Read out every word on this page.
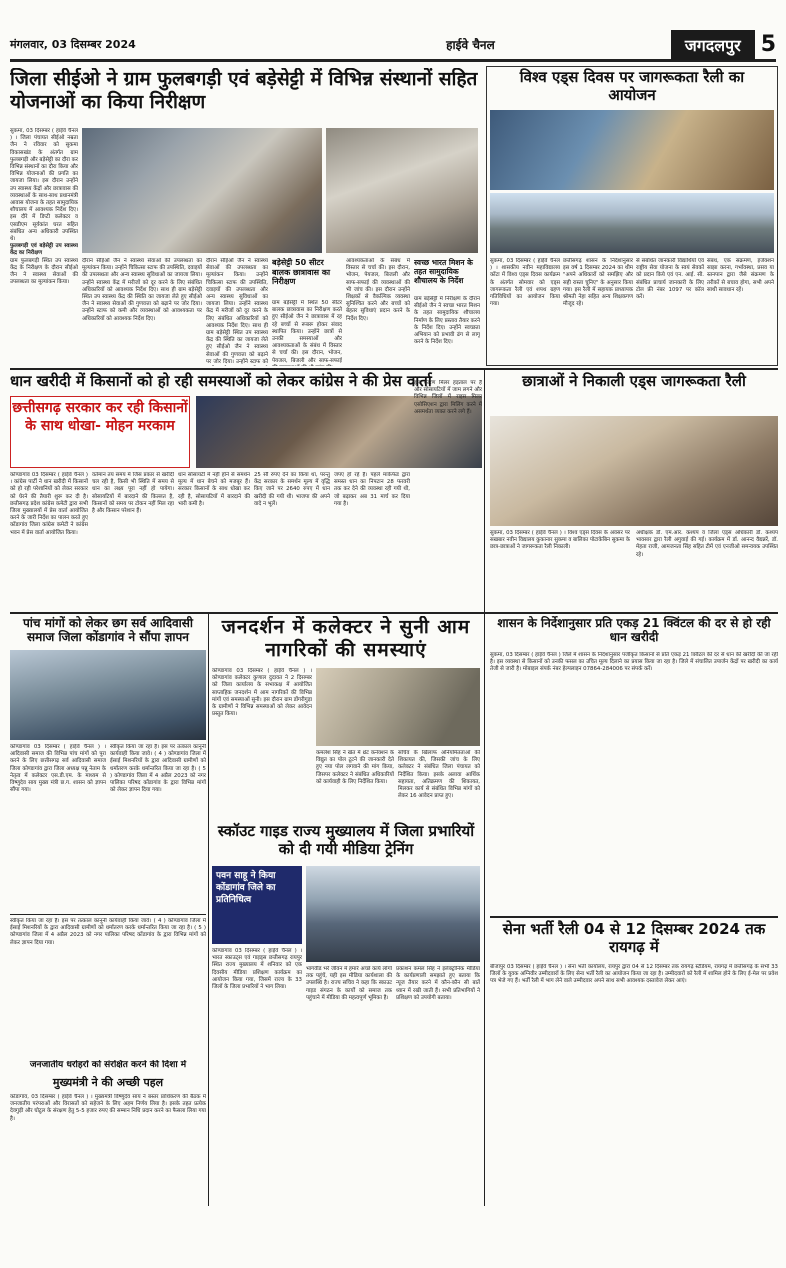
मंगलवार, 03 दिसम्बर 2024	हाईवे चैनल	जगदलपुर 5
जिला सीईओ ने ग्राम फुलबगड़ी एवं बड़ेसेट्टी में विभिन्न संस्थानों सहित योजनाओं का किया निरीक्षण
सुकमा, 03 दिसम्बर ( हाईवे चैनल ) । जिला पंचायत सीईओ नम्रता जैन ने रविवार को सुकमा विकासखंड के अंतर्गत ग्राम फुलबगड़ी और बड़ेसेट्टी का दौरा कर विभिन्न संस्थानों का दौरा किया और विभिन्न योजनाओं की प्रगति का जायजा लिया। इस दौरान उन्होंने उप स्वास्थ्य केंद्रों और छात्रावास की व्यवस्थाओं के साथ-साथ प्रधानमंत्री आवास योजना के तहत सामुदायिक शौचालय में आवश्यक निर्देश दिए। इस दौरे में डिप्टी कलेक्टर व एसडीएम सूर्यकांत घरत सहित संबंधित अन्य अधिकारी उपस्थित थे।
फुलबगड़ी एवं बड़ेसेट्टी उप स्वास्थ्य केंद्र का निरीक्षण
ग्राम फुलबगड़ी स्थित उप स्वास्थ्य केंद्र के निरीक्षण के दौरान सीईओ जैन ने स्वास्थ्य सेवाओं की उपलब्धता का मूल्यांकन किया।
दौरान सीईओ जैन ने स्वास्थ्य सेवाओं की उपलब्धता का मूल्यांकन किया। उन्होंने चिकित्सा स्टाफ की उपस्थिति, दवाइयों की उपलब्धता और अन्य स्वास्थ्य सुविधाओं का जायजा लिया। उन्होंने स्वास्थ्य केंद्र में मरीजों को दूर करने के लिए संबंधित अधिकारियों को आवश्यक निर्देश दिए। साथ ही ग्राम बड़ेसेट्टी स्थित उप स्वास्थ्य केंद्र की स्थिति का जायजा लेते हुए सीईओ जैन ने स्वास्थ्य सेवाओं की गुणवत्ता को बढ़ाने पर जोर दिया। उन्होंने स्टाफ को कमी और व्यवस्थाओं को आवश्यकता पर अधिकारियों को आवश्यक निर्देश दिए।
दौरान सीईओ जैन ने स्वास्थ्य सेवाओं की उपलब्धता का मूल्यांकन किया। उन्होंने चिकित्सा स्टाफ की उपस्थिति, दवाइयों की उपलब्धता और अन्य स्वास्थ्य सुविधाओं का जायजा लिया। उन्होंने स्वास्थ्य केंद्र में मरीजों को दूर करने के लिए संबंधित अधिकारियों को आवश्यक निर्देश दिए। साथ ही ग्राम बड़ेसेट्टी स्थित उप स्वास्थ्य केंद्र की स्थिति का जायजा लेते हुए सीईओ जैन ने स्वास्थ्य सेवाओं की गुणवत्ता को बढ़ाने पर जोर दिया। उन्होंने स्टाफ को
बड़ेसेट्टी 50 सीटर बालक छात्रावास का निरीक्षण
ग्राम बड़ेसेट्टी में स्थित 50 सीटर बालक छात्रावास का निरीक्षण करते हुए सीईओ जैन ने छात्रावास में रह रहे बच्चों से रूबरू होकर संवाद स्थापित किया। उन्होंने छात्रों से उनकी समस्याओं और आवश्यकताओं के संबंध में विस्तार से चर्चा की। इस दौरान, भोजन, पेयजल, बिजली और साफ-सफाई
आवश्यकताओं के संबंध में विस्तार से चर्चा की। इस दौरान, भोजन, पेयजल, बिजली और साफ-सफाई की व्यवस्थाओं की भी जांच की। इस दौरान उन्होंने शिक्षकों से वैकल्पिक व्यवस्था सुनिश्चित करने और बच्चों को बेहतर सुविधाएं प्रदान करने के निर्देश दिए।
स्वच्छ भारत मिशन के तहत सामुदायिक शौचालय के निर्देश
ग्राम बड़ेसेट्टी में निरीक्षण के दौरान सीईओ जैन ने स्वच्छ भारत मिशन के तहत सामुदायिक शौचालय निर्माण के लिए प्रस्ताव तैयार करने के निर्देश दिए। उन्होंने स्वच्छता अभियान को प्रभावी ढंग से लागू करने के निर्देश दिए।
विश्व एड्स दिवस पर जागरूकता रैली का आयोजन
सुकमा, 03 दिसम्बर ( हाईवे चैनल ) । शासकीय नवीन महाविद्यालय कोंटा में विश्व एड्स दिवस कार्यक्रम के अंतर्गत सोमवार को एड्स जागरूकता रैली एवं शपथ ग्रहण गतिविधियों का आयोजन किया गया।
छत्तीसगढ़ शासन के निर्देशानुसार इस वर्ष 1 दिसम्बर 2024 का थीम "अपने अधिकारों को समझिए और सही रास्ता चुनिए" के अनुसार किया गया। इस रैली में सहायक प्राध्यापक श्रीमती नेहा सहित अन्य शिक्षकगण मौजूद रहे।
से संबंधित जानकारी विद्यार्थियों एवं राष्ट्रीय सेवा योजना के स्वयं सेवकों को प्रदान किये एवं एन. आई. सी. संबंधित प्राचार्य जानकारी के लिए टोल फ्री नंबर 1097 पर कॉल करें।
संबंध, एक संक्रमण, इंजेक्शन साझा करना, गर्भावस्था, प्रसव या स्तनपान द्वारा जैसे संक्रमण के तरीकों से बचाव होगा, सभी अपने साथी सावधान रहें।
धान खरीदी में किसानों को हो रही समस्याओं को लेकर कांग्रेस ने की प्रेस वार्ता
छत्तीसगढ़ सरकार कर रही किसानों के साथ धोखा- मोहन मरकाम
कोण्डागांव 03 दिसम्बर ( हाईवे चैनल ) । कांग्रेस पार्टी ने धान खरीदी में किसानों को हो रही परेशानियों को लेकर सरकार को घेरने की तैयारी शुरू कर दी है। छत्तीसगढ़ प्रदेश कांग्रेस कमेटी द्वारा सभी जिला मुख्यालयों में प्रेस वार्ता आयोजित करने के जारी निर्देश का पालन करते हुए कोंडागांव जिला कांग्रेस कमेटी ने कांग्रेस भवन में प्रेस वार्ता आयोजित किया।
वर्तमान तय समय में जिस प्रकार से खरीदी चल रही है, किसी भी स्थिति में समय से धान का लक्ष्य पूरा नहीं हो पायेगा। सोसायटियों में बारदाने की किल्लत है, किसानों को समय पर टोकन नहीं मिल रहा है और किसान परेशान हैं।
धान सोसायटी में नहीं होने से समर्थन मूल्य में धान बेचने को मजबूर हैं। सरकार किसानों के साथ धोखा कर रही है, सोसायटियों में बारदाने की भारी कमी है।
25 सौ रुपए देने का किया था, परन्तु केंद्र सरकार के समर्थन मूल्य में वृद्धि किए जाने पर 2640 रुपए में धान खरीदी की गयी थी। भाजपा की अपने वादे न भूलें।
जपए हो रहे है। पहले मार्कफेड द्वारा समस्त धान का निपटान 28 फरवरी तक कर देने की व्यवस्था रही गयी थी, जो बढ़ाकर अब 31 मार्च कर दिया गया है।
इस कारण मिलर हड़ताल पर हैं और सोसायटियों में जाम लगने और विभिन्न जिलों में राइस मिलर एसोसिएशन द्वारा मिलिंग करने में असमर्थता व्यक्त करने लगे हैं।
छात्राओं ने निकाली एड्स जागरूकता रैली
सुकमा, 03 दिसम्बर ( हाईवे चैनल ) । विश्व एड्स दिवस के अवसर पर सखबार नवीन विद्यालय कुकानार सुकमा व बालिका पोटाकेबिन सुकमा के छात्र-छात्राओं ने जागरूकता रैली निकाली।
अधीक्षक डॉ. एम.आर. कश्यप व जिला एड्स अधिकारी डॉ. कश्यप भावसार द्वारा रैली अगुवाई की गई। कार्यक्रम में डॉ. आनन्द वैद्यन्नरें, डॉ. मेहता राजी, आमजनता सिंह सहित टीमें एवं एनजीओ समन्वयक उपस्थित रहे।
पांच मांगों को लेकर छग सर्व आदिवासी समाज जिला कोंडागांव ने सौंपा ज्ञापन
कोण्डागांव 03 दिसम्बर ( हाईवे चैनल ) । आदिवासी समाज की विभिन्न पांच मांगों को पूरा करने के लिए छत्तीसगढ़ सर्व आदिवासी समाज जिला कोण्डागांव द्वारा जिला अध्यक्ष पन्नू नेताम के नेतृत्व में कलेक्टर एस.डी.एम. के माध्यम से विष्णुदेव साय मुख्य मंत्री छ.ग. शासन को ज्ञापन सौंपा गया।
स्वीकृत किया जा रहा है। इस पर तत्काल कानूनी कार्यवाही किया जावे। ( 4 ) कोण्डागांव जिला में ईसाई मिशनरियों के द्वारा आदिवासी ग्रामीणों को धर्मांतरण करके धर्मान्तरित किया जा रहा है। ( 5 ) कोण्डागांव जिला में 4 अप्रैल 2023 को नगर पालिका परिषद कोंडागांव के द्वारा विभिन्न मांगों को लेकर ज्ञापन दिया गया।
जनदर्शन में कलेक्टर ने सुनी आम नागरिकों की समस्याएं
कोण्डागांव 03 दिसम्बर ( हाईवे चैनल ) । कोण्डागांव कलेक्टर कुणाल दुदावत ने 2 दिसम्बर को जिला कार्यालय के सभाकक्ष में आयोजित साप्ताहिक जनदर्शन में आम नागरिकों की विभिन्न मांगों एवं समस्याओं सुनी। इस दौरान ग्राम डोंगरीगुड़ा के ग्रामीणों ने विभिन्न समस्याओं को लेकर आवेदन प्रस्तुत किया।
कमलेश सिंह ने खेत में थ्रेट कनेक्शन के विद्युत का पोल टूटने की जानकारी देते हुए नया पोल लगवाने की मांग किया, जिसपर कलेक्टर ने संबंधित अधिकारियों को कार्यवाही के लिए निर्देशित किया।
सचिव के खिलाफ अनियमितताओं की शिकायत की, जिसकी जांच के लिए कलेक्टर ने संबंधित जिला पंचायत को निर्देशित किया। इसके अलावा आर्थिक सहायता, अतिक्रमण की शिकायत, मिलकर कार्य से संबंधित विभिन्न मांगों को लेकर 16 आवेदन प्राप्त हुए।
स्कॉउट गाइड राज्य मुख्यालय में जिला प्रभारियों को दी गयी मीडिया ट्रेनिंग
पवन साहू ने किया कोंडागांव जिले का प्रतिनिधित्व
कोण्डागांव 03 दिसम्बर ( हाईवे चैनल ) । भारत स्काउट्स एवं गाइड्स छत्तीसगढ़ रायपुर स्थित राज्य मुख्यालय में शनिवार को एक दिवसीय मीडिया प्रशिक्षण कार्यक्रम का आयोजन किया गया, जिसमें राज्य के 33 जिलों के जिला प्रभारियों ने भाग लिया।
भागवीड भरे जीवन में हमारे अच्छे कार्य लोगों तक पहुंचें, यही इस मीडिया कार्यशाला की उपलब्धि है। राज्य सचिव ने कहा कि स्काउट गाइड संगठन के कार्यों को समाज तक पहुंचाने में मीडिया की महत्वपूर्ण भूमिका है।
प्रकाशन कमल सिंह ने इलेक्ट्रोनिक मीडिया के कार्यप्रणाली समझाते हुए बताया कि न्यूज तैयार करने में कौन-कौन सी बातें ध्यान में रखी जाती हैं। सभी प्रतिभागियों ने प्रशिक्षण को उपयोगी बताया।
जनजातीय धरोहरों को संरक्षित करने की दिशा में
मुख्यमंत्री ने की अच्छी पहल
स्वीकृत किया जा रहा है। इस पर तत्काल कानूनी कार्यवाही किया जावे। ( 4 ) कोण्डागांव जिला में ईसाई मिशनरियों के द्वारा आदिवासी ग्रामीणों को धर्मांतरण करके धर्मान्तरित किया जा रहा है। ( 5 ) कोण्डागांव जिला में 4 अप्रैल 2023 को नगर पालिका परिषद कोंडागांव के द्वारा विभिन्न मांगों को लेकर ज्ञापन दिया गया।
कोंडागांव, 03 दिसम्बर ( हाईवे चैनल ) । मुख्यमंत्री विष्णुदेव साय ने बस्तर प्राधिकरण की बैठक में जनजातीय परंपराओं और विरासतों को सहेजने के लिए अहम निर्णय लिया है। इसके तहत प्रत्येक देवगुड़ी और घोटुल के संरक्षण हेतु 5-5 हजार रुपए की सम्मान निधि प्रदान करने का फैसला लिया गया है।
शासन के निर्देशानुसार प्रति एकड़ 21 क्विंटल की दर से हो रही धान खरीदी
सुकमा, 03 दिसम्बर ( हाईवे चैनल ) जिले में शासन के निर्देशानुसार पंजीकृत किसानों से प्रति एकड़ 21 क्विंटल की दर से धान की खरीदी की जा रही है। इस व्यवस्था से किसानों को उनकी फसल का उचित मूल्य दिलाने का प्रयास किया जा रहा है। जिले में संचालित उपार्जन केंद्रों पर खरीदी का कार्य तेजी से जारी है। मोबाइल संपर्क नंबर हेल्पलाइन 07864-284006 पर संपर्क करें।
सेना भर्ती रैली 04 से 12 दिसम्बर 2024 तक रायगढ़ में
बीजापुर 03 दिसम्बर ( हाईवे चैनल ) । सेना भर्ती कार्यालय, रायपुर द्वारा 04 से 12 दिसम्बर तक रायगढ़ स्टेडियम, रायगढ़ में छत्तीसगढ़ के सभी 33 जिलों के युवक अग्निवीर उम्मीदवारों के लिए सेना भर्ती रैली का आयोजन किया जा रहा है। उम्मीदवारों को रैली में शामिल होने के लिए ई-मेल पर प्रवेश पत्र भेजे गए हैं। भर्ती रैली में भाग लेने वाले उम्मीदवार अपने साथ सभी आवश्यक दस्तावेज लेकर आएं।
